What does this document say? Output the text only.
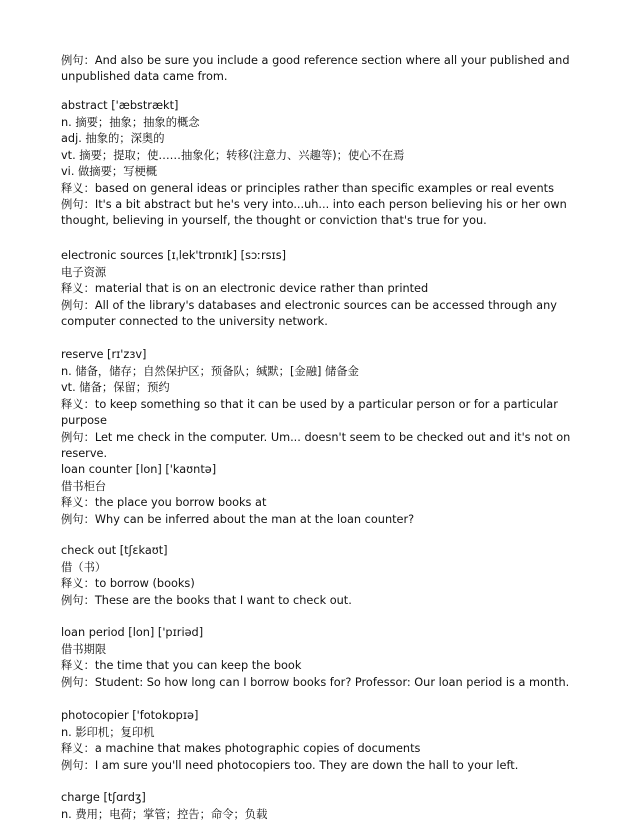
例句：And also be sure you include a good reference section where all your published and unpublished data came from.
abstract ['æbstrækt]
n. 摘要；抽象；抽象的概念
adj. 抽象的；深奥的
vt. 摘要；提取；使……抽象化；转移(注意力、兴趣等)；使心不在焉
vi. 做摘要；写梗概
释义：based on general ideas or principles rather than specific examples or real events
例句：It's a bit abstract but he's very into...uh... into each person believing his or her own thought, believing in yourself, the thought or conviction that's true for you.
electronic sources [ɪˌlek'trɒnɪk] [sɔːrsɪs]
电子资源
释义：material that is on an electronic device rather than printed
例句：All of the library's databases and electronic sources can be accessed through any computer connected to the university network.
reserve [rɪ'zɜv]
n. 储备，储存；自然保护区；预备队；缄默；[金融] 储备金
vt. 储备；保留；预约
释义：to keep something so that it can be used by a particular person or for a particular purpose
例句：Let me check in the computer. Um... doesn't seem to be checked out and it's not on reserve.
loan counter [lon] ['kaʊntə]
借书柜台
释义：the place you borrow books at
例句：Why can be inferred about the man at the loan counter?
check out [tʃɛkaʊt]
借（书）
释义：to borrow (books)
例句：These are the books that I want to check out.
loan period [lon] ['pɪriəd]
借书期限
释义：the time that you can keep the book
例句：Student: So how long can I borrow books for? Professor: Our loan period is a month.
photocopier ['fotokɒpɪə]
n. 影印机；复印机
释义：a machine that makes photographic copies of documents
例句：I am sure you'll need photocopiers too. They are down the hall to your left.
charge [tʃɑrdʒ]
n. 费用；电荷；掌管；控告；命令；负载
